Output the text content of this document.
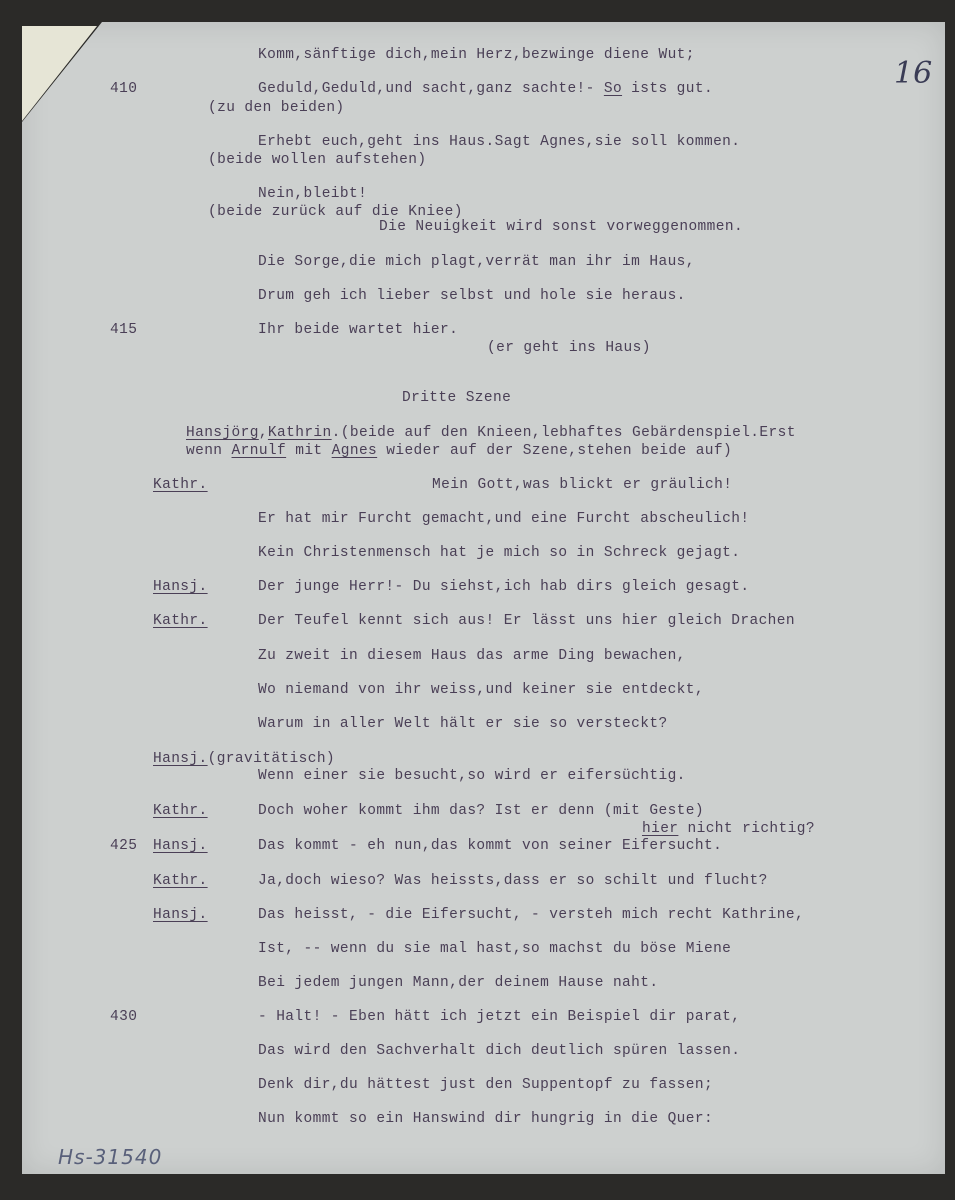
16
Komm,sänftige dich,mein Herz,bezwinge diene Wut;
410	Geduld,Geduld,und sacht,ganz sachte!- So ists gut.
(zu den beiden)
Erhebt euch,geht ins Haus.Sagt Agnes,sie soll kommen.
(beide wollen aufstehen)
Nein,bleibt!
(beide zurück auf die Kniee)
Die Neuigkeit wird sonst vorweggenommen.
Die Sorge,die mich plagt,verrät man ihr im Haus,
Drum geh ich lieber selbst und hole sie heraus.
415	Ihr beide wartet hier.
(er geht ins Haus)
Dritte Szene
Hansjörg,Kathrin.(beide auf den Knieen,lebhaftes Gebärdenspiel.Erst
wenn Arnulf mit Agnes wieder auf der Szene,stehen beide auf)
Kathr.	Mein Gott,was blickt er gräulich!
Er hat mir Furcht gemacht,und eine Furcht abscheulich!
Kein Christenmensch hat je mich so in Schreck gejagt.
Hansj.	Der junge Herr!- Du siehst,ich hab dirs gleich gesagt.
Kathr.	Der Teufel kennt sich aus! Er lässt uns hier gleich Drachen
Zu zweit in diesem Haus das arme Ding bewachen,
Wo niemand von ihr weiss,und keiner sie entdeckt,
Warum in aller Welt hält er sie so versteckt?
Hansj.(gravitätisch)
Wenn einer sie besucht,so wird er eifersüchtig.
Kathr.	Doch woher kommt ihm das? Ist er denn (mit Geste)
hier nicht richtig?
425 Hansj.	Das kommt - eh nun,das kommt von seiner Eifersucht.
Kathr.	Ja,doch wieso? Was heissts,dass er so schilt und flucht?
Hansj.	Das heisst, - die Eifersucht, - versteh mich recht Kathrine,
Ist, -- wenn du sie mal hast,so machst du böse Miene
Bei jedem jungen Mann,der deinem Hause naht.
430	- Halt! - Eben hätt ich jetzt ein Beispiel dir parat,
Das wird den Sachverhalt dich deutlich spüren lassen.
Denk dir,du hättest just den Suppentopf zu fassen;
Nun kommt so ein Hanswind dir hungrig in die Quer:
Hs-31540
